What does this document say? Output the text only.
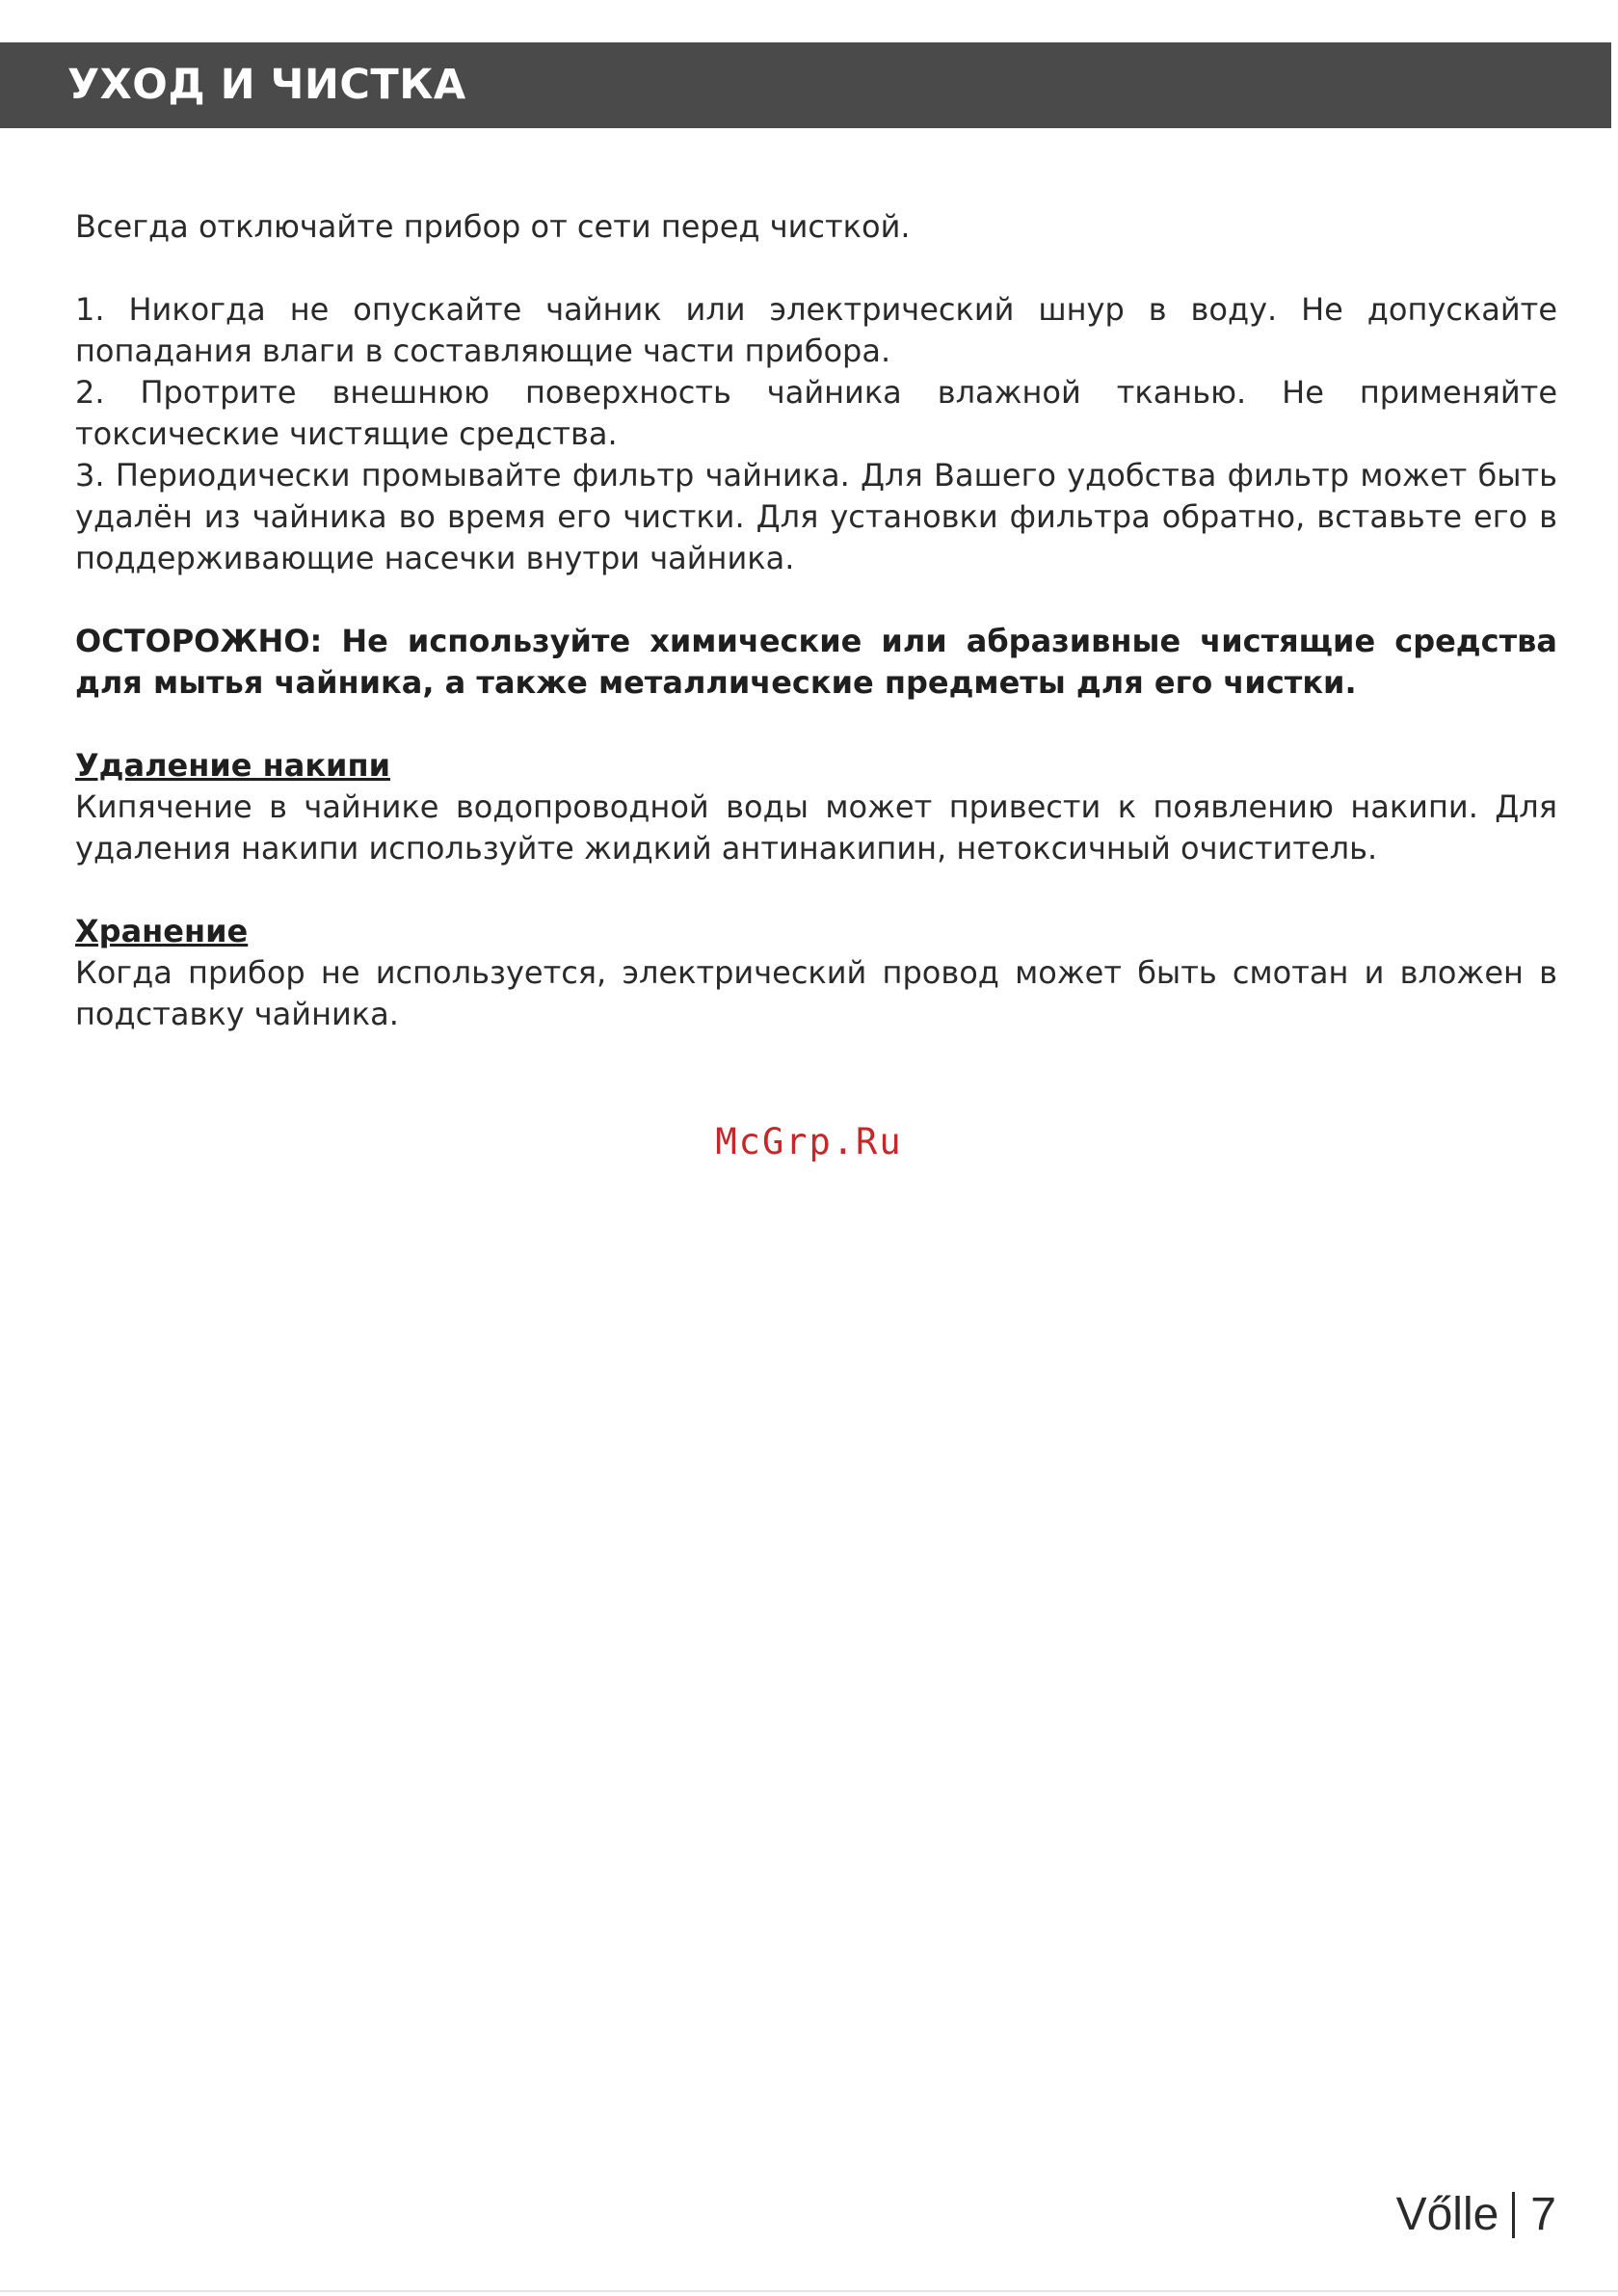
УХОД И ЧИСТКА

Всегда отключайте прибор от сети перед чисткой.

1. Никогда не опускайте чайник или электрический шнур в воду. Не допускайте попадания влаги в составляющие части прибора.

2. Протрите внешнюю поверхность чайника влажной тканью. Не применяйте токсические чистящие средства.

3. Периодически промывайте фильтр чайника. Для Вашего удобства фильтр может быть удалён из чайника во время его чистки. Для установки фильтра обратно, вставьте его в поддерживающие насечки внутри чайника.

ОСТОРОЖНО: Не используйте химические или абразивные чистящие средства для мытья чайника, а также металлические предметы для его чистки.

Удаление накипи

Кипячение в чайнике водопроводной воды может привести к появлению накипи. Для удаления накипи используйте жидкий антинакипин, нетоксичный очиститель.

Хранение

Когда прибор не используется, электрический провод может быть смотан и вложен в подставку чайника.

McGrp.Ru
Vőlle 7
